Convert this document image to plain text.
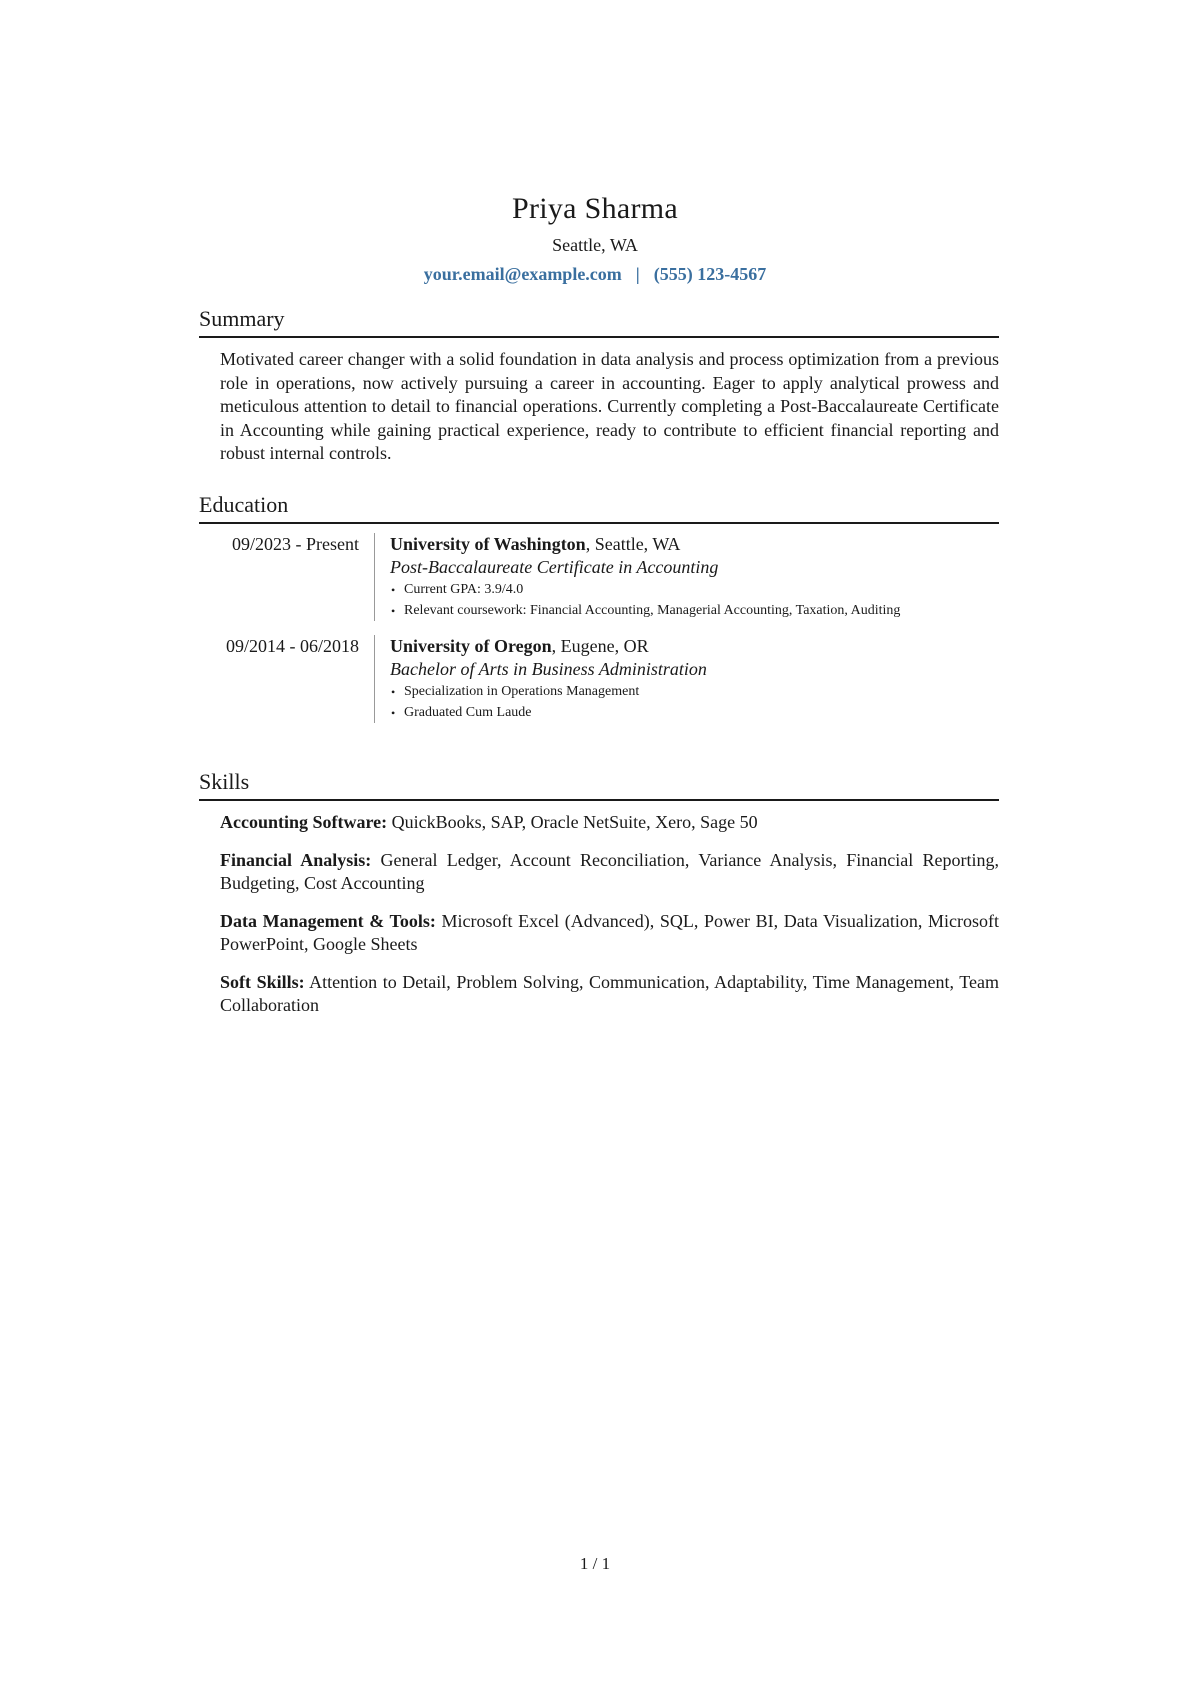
Priya Sharma
Seattle, WA
your.email@example.com | (555) 123-4567
Summary

Motivated career changer with a solid foundation in data analysis and process optimization from a previous role in operations, now actively pursuing a career in accounting. Eager to apply analytical prowess and meticulous attention to detail to financial operations. Currently completing a Post-Baccalaureate Certificate in Accounting while gaining practical experience, ready to contribute to efficient financial reporting and robust internal controls.

Education
09/2023 - Present	University of Washington, Seattle, WA
Post-Baccalaureate Certificate in Accounting
• Current GPA: 3.9/4.0
• Relevant coursework: Financial Accounting, Managerial Accounting, Taxation, Auditing
09/2014 - 06/2018	University of Oregon, Eugene, OR
Bachelor of Arts in Business Administration
• Specialization in Operations Management
• Graduated Cum Laude
Skills

Accounting Software: QuickBooks, SAP, Oracle NetSuite, Xero, Sage 50

Financial Analysis: General Ledger, Account Reconciliation, Variance Analysis, Financial Reporting, Budgeting, Cost Accounting

Data Management & Tools: Microsoft Excel (Advanced), SQL, Power BI, Data Visualization, Microsoft PowerPoint, Google Sheets

Soft Skills: Attention to Detail, Problem Solving, Communication, Adaptability, Time Management, Team Collaboration

1 / 1
